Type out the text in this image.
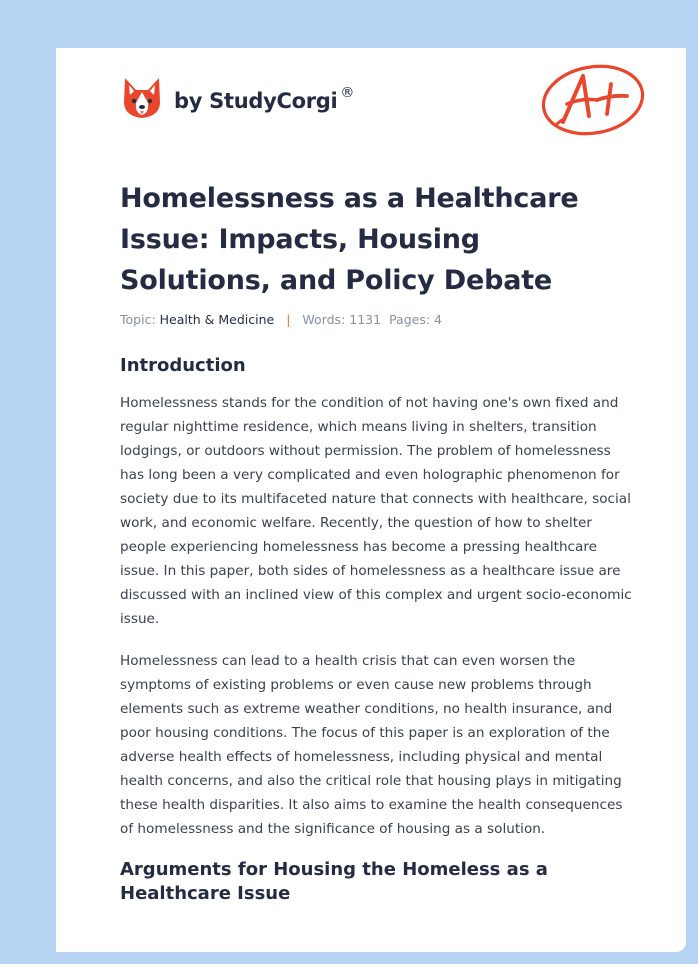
by StudyCorgi ®
Homelessness as a Healthcare Issue: Impacts, Housing Solutions, and Policy Debate
Topic: Health & Medicine | Words: 1131 Pages: 4
Introduction

Homelessness stands for the condition of not having one's own fixed and regular nighttime residence, which means living in shelters, transition lodgings, or outdoors without permission. The problem of homelessness has long been a very complicated and even holographic phenomenon for society due to its multifaceted nature that connects with healthcare, social work, and economic welfare. Recently, the question of how to shelter people experiencing homelessness has become a pressing healthcare issue. In this paper, both sides of homelessness as a healthcare issue are discussed with an inclined view of this complex and urgent socio-economic issue.

Homelessness can lead to a health crisis that can even worsen the symptoms of existing problems or even cause new problems through elements such as extreme weather conditions, no health insurance, and poor housing conditions. The focus of this paper is an exploration of the adverse health effects of homelessness, including physical and mental health concerns, and also the critical role that housing plays in mitigating these health disparities. It also aims to examine the health consequences of homelessness and the significance of housing as a solution.

Arguments for Housing the Homeless as a Healthcare Issue
